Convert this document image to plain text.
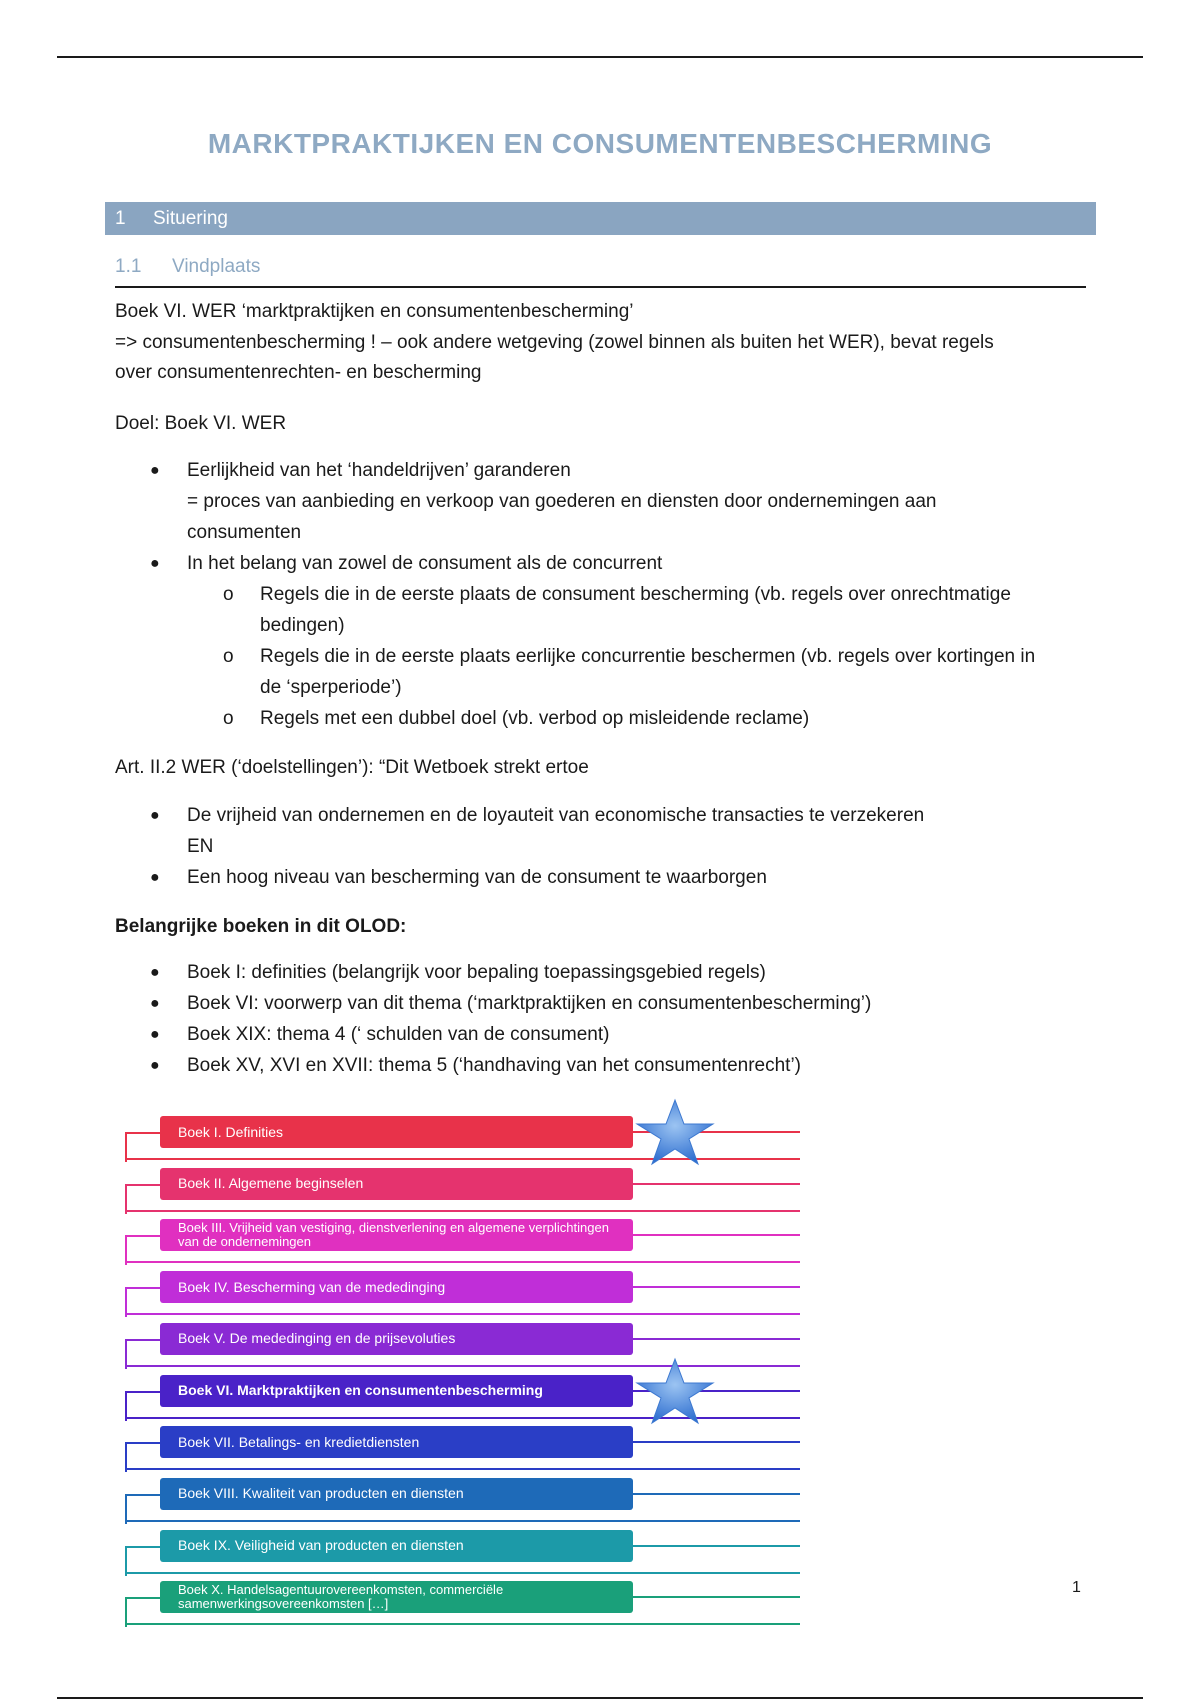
MARKTPRAKTIJKEN EN CONSUMENTENBESCHERMING
1	Situering
1.1	Vindplaats

Boek VI. WER ‘marktpraktijken en consumentenbescherming’

=> consumentenbescherming ! – ook andere wetgeving (zowel binnen als buiten het WER), bevat regels

over consumentenrechten- en bescherming

Doel: Boek VI. WER

● Eerlijkheid van het ‘handeldrijven’ garanderen
= proces van aanbieding en verkoop van goederen en diensten door ondernemingen aan
consumenten
● In het belang van zowel de consument als de concurrent
o Regels die in de eerste plaats de consument bescherming (vb. regels over onrechtmatige
bedingen)
o Regels die in de eerste plaats eerlijke concurrentie beschermen (vb. regels over kortingen in
de ‘sperperiode’)
o Regels met een dubbel doel (vb. verbod op misleidende reclame)

Art. II.2 WER (‘doelstellingen’): “Dit Wetboek strekt ertoe

● De vrijheid van ondernemen en de loyauteit van economische transacties te verzekeren
EN
● Een hoog niveau van bescherming van de consument te waarborgen

Belangrijke boeken in dit OLOD:

● Boek I: definities (belangrijk voor bepaling toepassingsgebied regels)
● Boek VI: voorwerp van dit thema (‘marktpraktijken en consumentenbescherming’)
● Boek XIX: thema 4 (‘ schulden van de consument)
● Boek XV, XVI en XVII: thema 5 (‘handhaving van het consumentenrecht’)
Boek I. Definities
Boek II. Algemene beginselen
Boek III. Vrijheid van vestiging, dienstverlening en algemene verplichtingen van de ondernemingen
Boek IV. Bescherming van de mededinging
Boek V. De mededinging en de prijsevoluties
Boek VI. Marktpraktijken en consumentenbescherming
Boek VII. Betalings- en kredietdiensten
Boek VIII. Kwaliteit van producten en diensten
Boek IX. Veiligheid van producten en diensten
Boek X. Handelsagentuurovereenkomsten, commerciële samenwerkingsovereenkomsten […]
1
